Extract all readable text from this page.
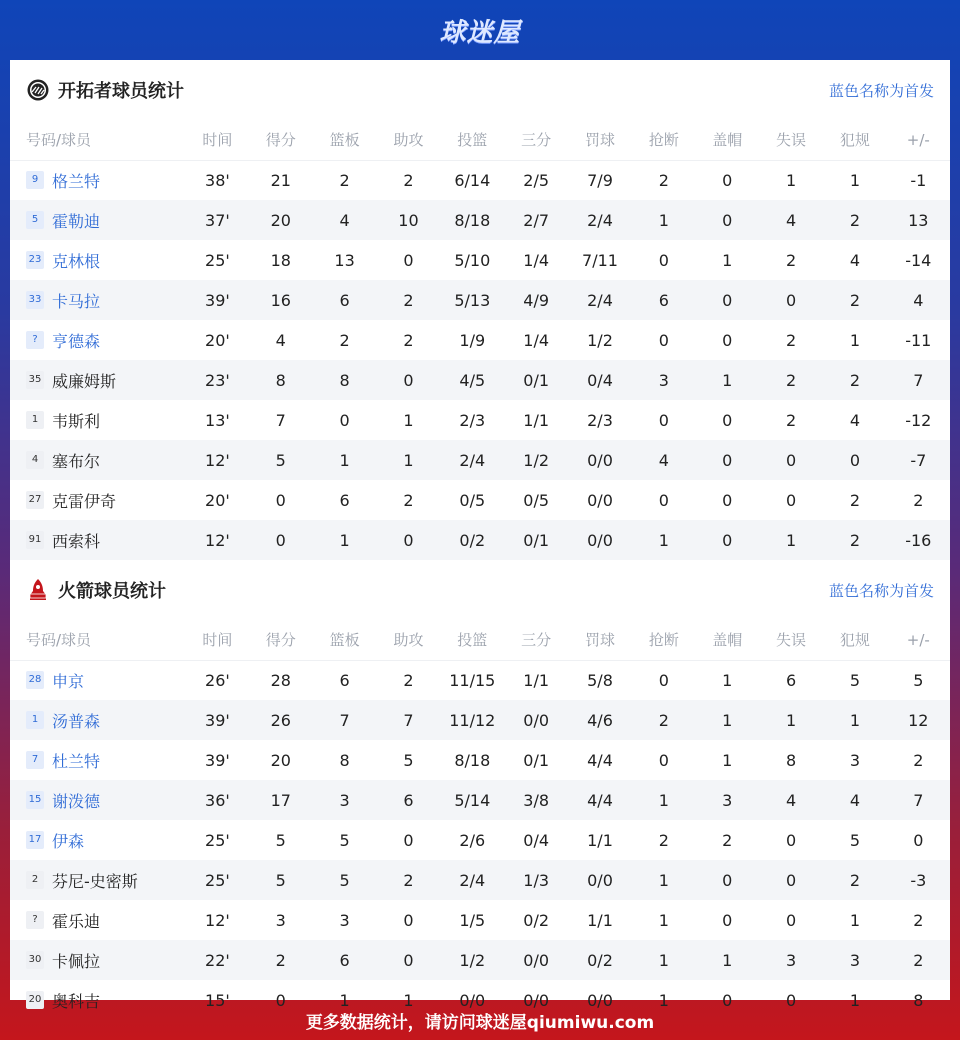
球迷屋
开拓者球员统计	蓝色名称为首发
号码/球员	时间	得分	篮板	助攻	投篮	三分	罚球	抢断	盖帽	失误	犯规	+/-
9 格兰特	38'	21	2	2	6/14	2/5	7/9	2	0	1	1	-1
5 霍勒迪	37'	20	4	10	8/18	2/7	2/4	1	0	4	2	13
23 克林根	25'	18	13	0	5/10	1/4	7/11	0	1	2	4	-14
33 卡马拉	39'	16	6	2	5/13	4/9	2/4	6	0	0	2	4
? 亨德森	20'	4	2	2	1/9	1/4	1/2	0	0	2	1	-11
35 威廉姆斯	23'	8	8	0	4/5	0/1	0/4	3	1	2	2	7
1 韦斯利	13'	7	0	1	2/3	1/1	2/3	0	0	2	4	-12
4 塞布尔	12'	5	1	1	2/4	1/2	0/0	4	0	0	0	-7
27 克雷伊奇	20'	0	6	2	0/5	0/5	0/0	0	0	0	2	2
91 西索科	12'	0	1	0	0/2	0/1	0/0	1	0	1	2	-16
火箭球员统计	蓝色名称为首发
号码/球员	时间	得分	篮板	助攻	投篮	三分	罚球	抢断	盖帽	失误	犯规	+/-
28 申京	26'	28	6	2	11/15	1/1	5/8	0	1	6	5	5
1 汤普森	39'	26	7	7	11/12	0/0	4/6	2	1	1	1	12
7 杜兰特	39'	20	8	5	8/18	0/1	4/4	0	1	8	3	2
15 谢泼德	36'	17	3	6	5/14	3/8	4/4	1	3	4	4	7
17 伊森	25'	5	5	0	2/6	0/4	1/1	2	2	0	5	0
2 芬尼-史密斯	25'	5	5	2	2/4	1/3	0/0	1	0	0	2	-3
? 霍乐迪	12'	3	3	0	1/5	0/2	1/1	1	0	0	1	2
30 卡佩拉	22'	2	6	0	1/2	0/0	0/2	1	1	3	3	2
20 奥科吉	15'	0	1	1	0/0	0/0	0/0	1	0	0	1	8
更多数据统计，请访问球迷屋qiumiwu.com
